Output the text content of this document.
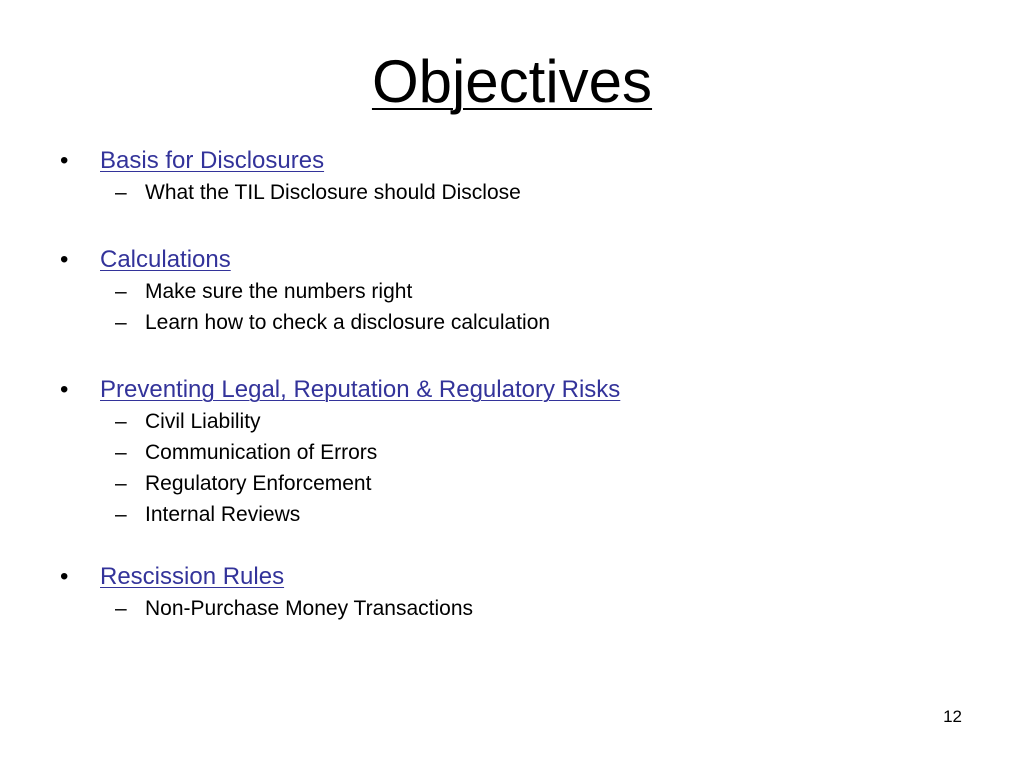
Objectives
• Basis for Disclosures
– What the TIL Disclosure should Disclose
• Calculations
– Make sure the numbers right
– Learn how to check a disclosure calculation
• Preventing Legal, Reputation & Regulatory Risks
– Civil Liability
– Communication of Errors
– Regulatory Enforcement
– Internal Reviews
• Rescission Rules
– Non-Purchase Money Transactions
12
